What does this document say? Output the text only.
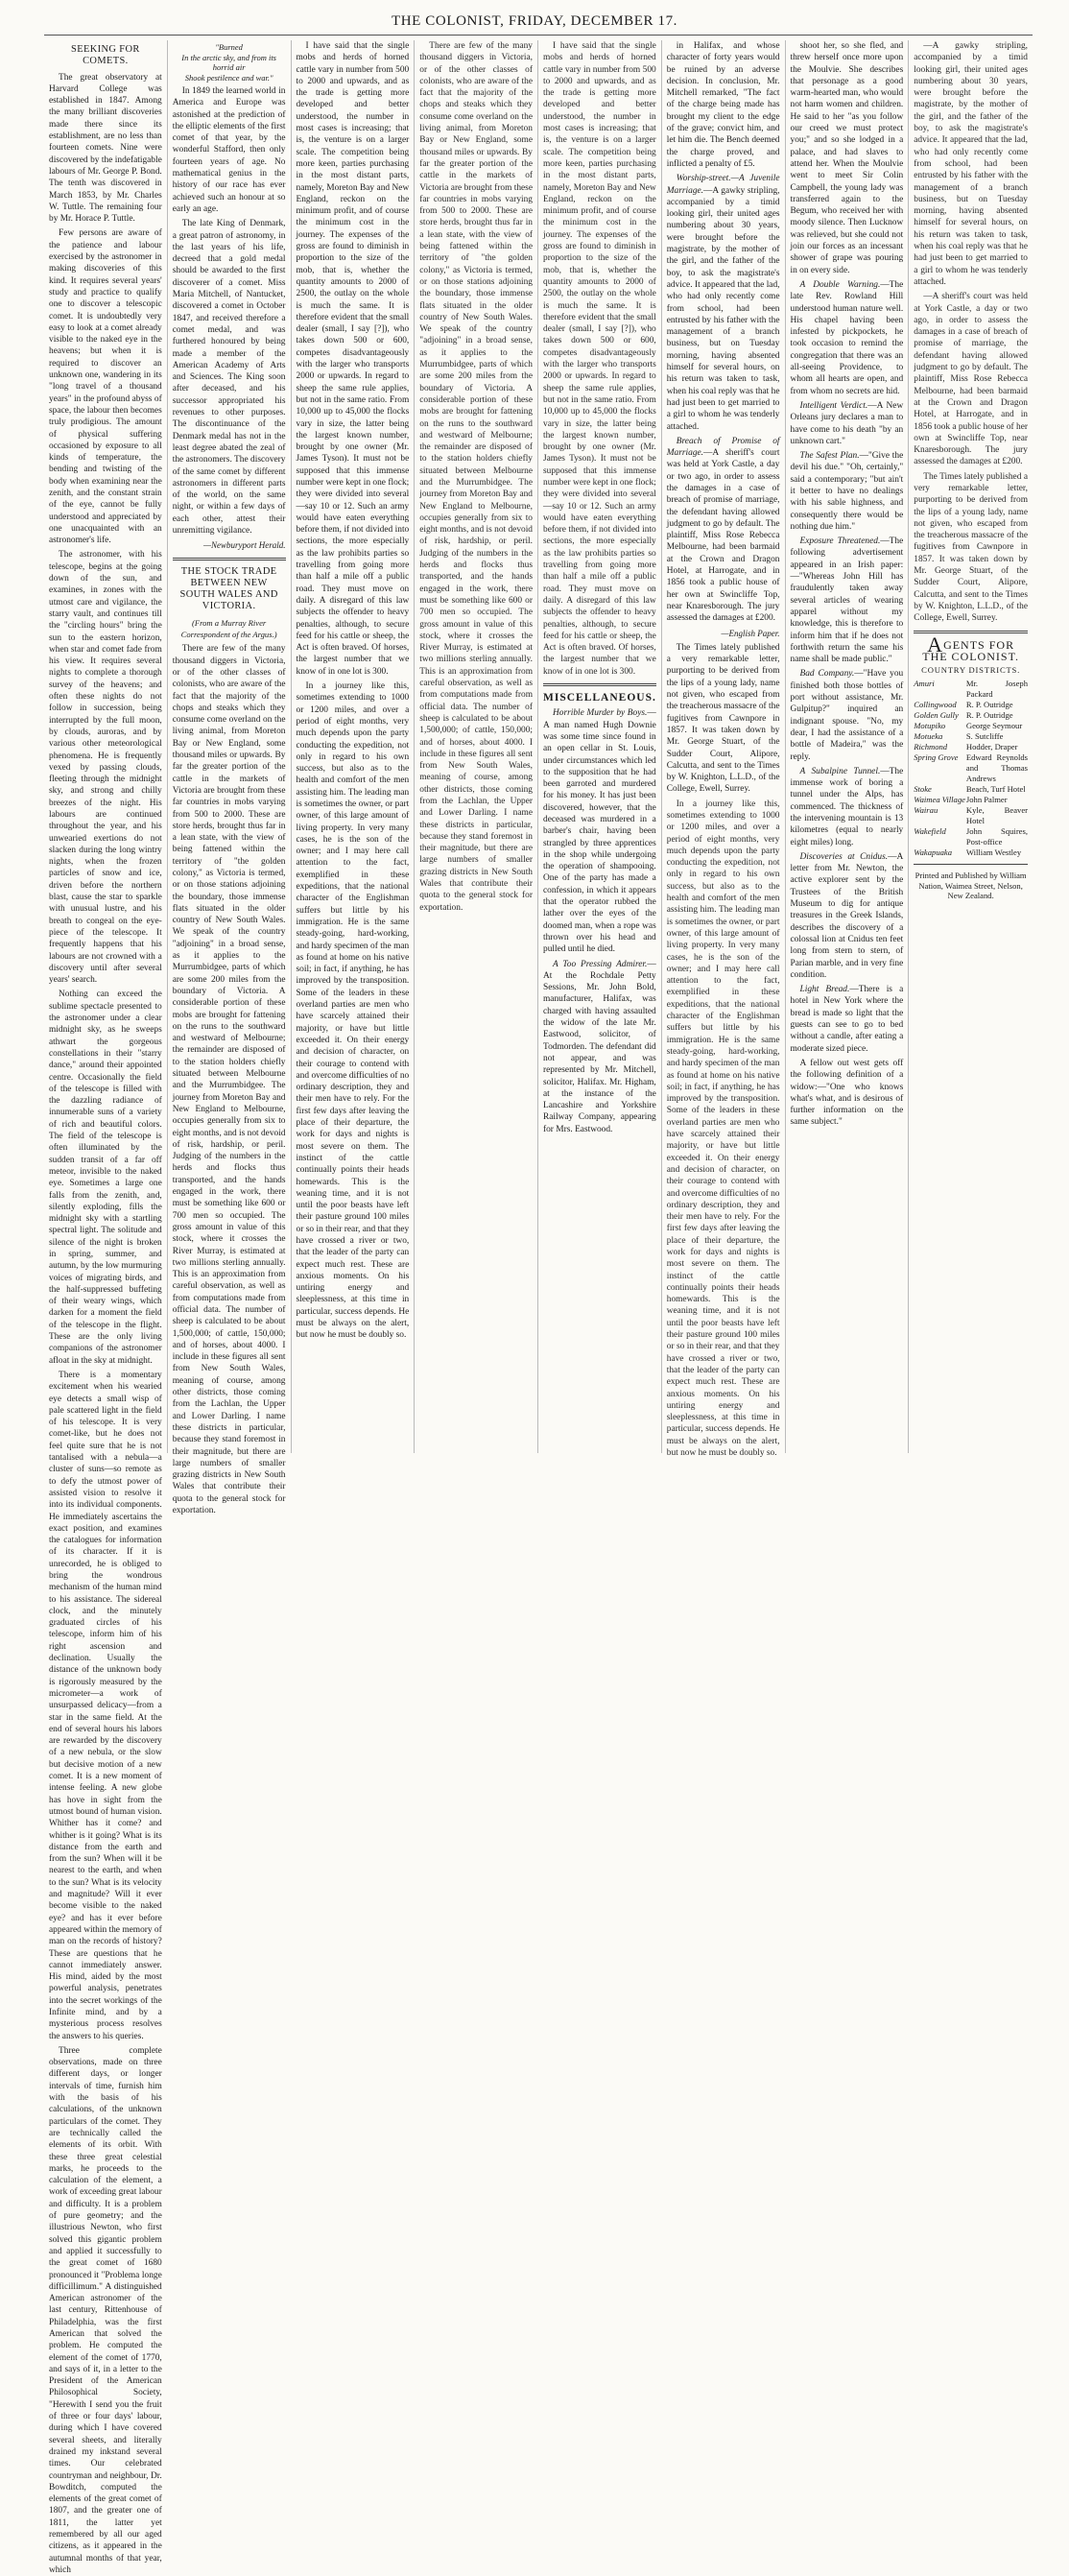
THE COLONIST, FRIDAY, DECEMBER 17.
SEEKING FOR COMETS.

The great observatory at Harvard College was established in 1847. Among the many brilliant discoveries made there since its establishment, are no less than fourteen comets. Nine were discovered by the indefatigable labours of Mr. George P. Bond. The tenth was discovered in March 1853, by Mr. Charles W. Tuttle. The remaining four by Mr. Horace P. Tuttle.

Few persons are aware of the patience and labour exercised by the astronomer in making discoveries of this kind. It requires several years' study and practice to qualify one to discover a telescopic comet. It is undoubtedly very easy to look at a comet already visible to the naked eye in the heavens; but when it is required to discover an unknown one, wandering in its "long travel of a thousand years" in the profound abyss of space, the labour then becomes truly prodigious. The amount of physical suffering occasioned by exposure to all kinds of temperature, the bending and twisting of the body when examining near the zenith, and the constant strain of the eye, cannot be fully understood and appreciated by one unacquainted with an astronomer's life.

The astronomer, with his telescope, begins at the going down of the sun, and examines, in zones with the utmost care and vigilance, the starry vault, and continues till the "circling hours" bring the sun to the eastern horizon, when star and comet fade from his view. It requires several nights to complete a thorough survey of the heavens; and often these nights do not follow in succession, being interrupted by the full moon, by clouds, auroras, and by various other meteorological phenomena. He is frequently vexed by passing clouds, fleeting through the midnight sky, and strong and chilly breezes of the night. His labours are continued throughout the year, and his unwearied exertions do not slacken during the long wintry nights, when the frozen particles of snow and ice, driven before the northern blast, cause the star to sparkle with unusual lustre, and his breath to congeal on the eye-piece of the telescope. It frequently happens that his labours are not crowned with a discovery until after several years' search.

Nothing can exceed the sublime spectacle presented to the astronomer under a clear midnight sky, as he sweeps athwart the gorgeous constellations in their "starry dance," around their appointed centre. Occasionally the field of the telescope is filled with the dazzling radiance of innumerable suns of a variety of rich and beautiful colors. The field of the telescope is often illuminated by the sudden transit of a far off meteor, invisible to the naked eye. Sometimes a large one falls from the zenith, and, silently exploding, fills the midnight sky with a startling spectral light. The solitude and silence of the night is broken in spring, summer, and autumn, by the low murmuring voices of migrating birds, and the half-suppressed buffeting of their weary wings, which darken for a moment the field of the telescope in the flight. These are the only living companions of the astronomer afloat in the sky at midnight.

There is a momentary excitement when his wearied eye detects a small wisp of pale scattered light in the field of his telescope. It is very comet-like, but he does not feel quite sure that he is not tantalised with a nebula—a cluster of suns—so remote as to defy the utmost power of assisted vision to resolve it into its individual components. He immediately ascertains the exact position, and examines the catalogues for information of its character. If it is unrecorded, he is obliged to bring the wondrous mechanism of the human mind to his assistance. The sidereal clock, and the minutely graduated circles of his telescope, inform him of his right ascension and declination. Usually the distance of the unknown body is rigorously measured by the micrometer—a work of unsurpassed delicacy—from a star in the same field. At the end of several hours his labors are rewarded by the discovery of a new nebula, or the slow but decisive motion of a new comet. It is a new moment of intense feeling. A new globe has hove in sight from the utmost bound of human vision. Whither has it come? and whither is it going? What is its distance from the earth and from the sun? When will it be nearest to the earth, and when to the sun? What is its velocity and magnitude? Will it ever become visible to the naked eye? and has it ever before appeared within the memory of man on the records of history? These are questions that he cannot immediately answer. His mind, aided by the most powerful analysis, penetrates into the secret workings of the Infinite mind, and by a mysterious process resolves the answers to his queries.

Three complete observations, made on three different days, or longer intervals of time, furnish him with the basis of his calculations, of the unknown particulars of the comet. They are technically called the elements of its orbit. With these three great celestial marks, he proceeds to the calculation of the element, a work of exceeding great labour and difficulty. It is a problem of pure geometry; and the illustrious Newton, who first solved this gigantic problem and applied it successfully to the great comet of 1680 pronounced it "Problema longe difficillimum." A distinguished American astronomer of the last century, Rittenhouse of Philadelphia, was the first American that solved the problem. He computed the element of the comet of 1770, and says of it, in a letter to the President of the American Philosophical Society, "Herewith I send you the fruit of three or four days' labour, during which I have covered several sheets, and literally drained my inkstand several times. Our celebrated countryman and neighbour, Dr. Bowditch, computed the elements of the great comet of 1807, and the greater one of 1811, the latter yet remembered by all our aged citizens, as it appeared in the autumnal months of that year, which

"Burned
In the arctic sky, and from its horrid air
Shook pestilence and war."

In 1849 the learned world in America and Europe was astonished at the prediction of the elliptic elements of the first comet of that year, by the wonderful Stafford, then only fourteen years of age. No mathematical genius in the history of our race has ever achieved such an honour at so early an age.

The late King of Denmark, a great patron of astronomy, in the last years of his life, decreed that a gold medal should be awarded to the first discoverer of a comet. Miss Maria Mitchell, of Nantucket, discovered a comet in October 1847, and received therefore a comet medal, and was furthered honoured by being made a member of the American Academy of Arts and Sciences. The King soon after deceased, and his successor appropriated his revenues to other purposes. The discontinuance of the Denmark medal has not in the least degree abated the zeal of the astronomers. The discovery of the same comet by different astronomers in different parts of the world, on the same night, or within a few days of each other, attest their unremitting vigilance.

—Newburyport Herald.
THE STOCK TRADE BETWEEN NEW SOUTH WALES AND VICTORIA.
(From a Murray River Correspondent of the Argus.)

There are few of the many thousand diggers in Victoria, or of the other classes of colonists, who are aware of the fact that the majority of the chops and steaks which they consume come overland on the living animal, from Moreton Bay or New England, some thousand miles or upwards. By far the greater portion of the cattle in the markets of Victoria are brought from these far countries in mobs varying from 500 to 2000. These are store herds, brought thus far in a lean state, with the view of being fattened within the territory of "the golden colony," as Victoria is termed, or on those stations adjoining the boundary, those immense flats situated in the older country of New South Wales. We speak of the country "adjoining" in a broad sense, as it applies to the Murrumbidgee, parts of which are some 200 miles from the boundary of Victoria. A considerable portion of these mobs are brought for fattening on the runs to the southward and westward of Melbourne; the remainder are disposed of to the station holders chiefly situated between Melbourne and the Murrumbidgee. The journey from Moreton Bay and New England to Melbourne, occupies generally from six to eight months, and is not devoid of risk, hardship, or peril. Judging of the numbers in the herds and flocks thus transported, and the hands engaged in the work, there must be something like 600 or 700 men so occupied. The gross amount in value of this stock, where it crosses the River Murray, is estimated at two millions sterling annually. This is an approximation from careful observation, as well as from computations made from official data. The number of sheep is calculated to be about 1,500,000; of cattle, 150,000; and of horses, about 4000. I include in these figures all sent from New South Wales, meaning of course, among other districts, those coming from the Lachlan, the Upper and Lower Darling. I name these districts in particular, because they stand foremost in their magnitude, but there are large numbers of smaller grazing districts in New South Wales that contribute their quota to the general stock for exportation.

I have said that the single mobs and herds of horned cattle vary in number from 500 to 2000 and upwards, and as the trade is getting more developed and better understood, the number in most cases is increasing; that is, the venture is on a larger scale. The competition being more keen, parties purchasing in the most distant parts, namely, Moreton Bay and New England, reckon on the minimum profit, and of course the minimum cost in the journey. The expenses of the gross are found to diminish in proportion to the size of the mob, that is, whether the quantity amounts to 2000 of 2500, the outlay on the whole is much the same. It is therefore evident that the small dealer (small, I say [?]), who takes down 500 or 600, competes disadvantageously with the larger who transports 2000 or upwards. In regard to sheep the same rule applies, but not in the same ratio. From 10,000 up to 45,000 the flocks vary in size, the latter being the largest known number, brought by one owner (Mr. James Tyson). It must not be supposed that this immense number were kept in one flock; they were divided into several—say 10 or 12. Such an army would have eaten everything before them, if not divided into sections, the more especially as the law prohibits parties so travelling from going more than half a mile off a public road. They must move on daily. A disregard of this law subjects the offender to heavy penalties, although, to secure feed for his cattle or sheep, the Act is often braved. Of horses, the largest number that we know of in one lot is 300.

In a journey like this, sometimes extending to 1000 or 1200 miles, and over a period of eight months, very much depends upon the party conducting the expedition, not only in regard to his own success, but also as to the health and comfort of the men assisting him. The leading man is sometimes the owner, or part owner, of this large amount of living property. In very many cases, he is the son of the owner; and I may here call attention to the fact, exemplified in these expeditions, that the national character of the Englishman suffers but little by his immigration. He is the same steady-going, hard-working, and hardy specimen of the man as found at home on his native soil; in fact, if anything, he has improved by the transposition. Some of the leaders in these overland parties are men who have scarcely attained their majority, or have but little exceeded it. On their energy and decision of character, on their courage to contend with and overcome difficulties of no ordinary description, they and their men have to rely. For the first few days after leaving the place of their departure, the work for days and nights is most severe on them. The instinct of the cattle continually points their heads homewards. This is the weaning time, and it is not until the poor beasts have left their pasture ground 100 miles or so in their rear, and that they have crossed a river or two, that the leader of the party can expect much rest. These are anxious moments. On his untiring energy and sleeplessness, at this time in particular, success depends. He must be always on the alert, but now he must be doubly so.

There are few of the many thousand diggers in Victoria, or of the other classes of colonists, who are aware of the fact that the majority of the chops and steaks which they consume come overland on the living animal, from Moreton Bay or New England, some thousand miles or upwards. By far the greater portion of the cattle in the markets of Victoria are brought from these far countries in mobs varying from 500 to 2000. These are store herds, brought thus far in a lean state, with the view of being fattened within the territory of "the golden colony," as Victoria is termed, or on those stations adjoining the boundary, those immense flats situated in the older country of New South Wales. We speak of the country "adjoining" in a broad sense, as it applies to the Murrumbidgee, parts of which are some 200 miles from the boundary of Victoria. A considerable portion of these mobs are brought for fattening on the runs to the southward and westward of Melbourne; the remainder are disposed of to the station holders chiefly situated between Melbourne and the Murrumbidgee. The journey from Moreton Bay and New England to Melbourne, occupies generally from six to eight months, and is not devoid of risk, hardship, or peril. Judging of the numbers in the herds and flocks thus transported, and the hands engaged in the work, there must be something like 600 or 700 men so occupied. The gross amount in value of this stock, where it crosses the River Murray, is estimated at two millions sterling annually. This is an approximation from careful observation, as well as from computations made from official data. The number of sheep is calculated to be about 1,500,000; of cattle, 150,000; and of horses, about 4000. I include in these figures all sent from New South Wales, meaning of course, among other districts, those coming from the Lachlan, the Upper and Lower Darling. I name these districts in particular, because they stand foremost in their magnitude, but there are large numbers of smaller grazing districts in New South Wales that contribute their quota to the general stock for exportation.

I have said that the single mobs and herds of horned cattle vary in number from 500 to 2000 and upwards, and as the trade is getting more developed and better understood, the number in most cases is increasing; that is, the venture is on a larger scale. The competition being more keen, parties purchasing in the most distant parts, namely, Moreton Bay and New England, reckon on the minimum profit, and of course the minimum cost in the journey. The expenses of the gross are found to diminish in proportion to the size of the mob, that is, whether the quantity amounts to 2000 of 2500, the outlay on the whole is much the same. It is therefore evident that the small dealer (small, I say [?]), who takes down 500 or 600, competes disadvantageously with the larger who transports 2000 or upwards. In regard to sheep the same rule applies, but not in the same ratio. From 10,000 up to 45,000 the flocks vary in size, the latter being the largest known number, brought by one owner (Mr. James Tyson). It must not be supposed that this immense number were kept in one flock; they were divided into several—say 10 or 12. Such an army would have eaten everything before them, if not divided into sections, the more especially as the law prohibits parties so travelling from going more than half a mile off a public road. They must move on daily. A disregard of this law subjects the offender to heavy penalties, although, to secure feed for his cattle or sheep, the Act is often braved. Of horses, the largest number that we know of in one lot is 300.

MISCELLANEOUS.

Horrible Murder by Boys.—A man named Hugh Downie was some time since found in an open cellar in St. Louis, under circumstances which led to the supposition that he had been garroted and murdered for his money. It has just been discovered, however, that the deceased was murdered in a barber's chair, having been strangled by three apprentices in the shop while undergoing the operation of shampooing. One of the party has made a confession, in which it appears that the operator rubbed the lather over the eyes of the doomed man, when a rope was thrown over his head and pulled until he died.

A Too Pressing Admirer.—At the Rochdale Petty Sessions, Mr. John Bold, manufacturer, Halifax, was charged with having assaulted the widow of the late Mr. Eastwood, solicitor, of Todmorden. The defendant did not appear, and was represented by Mr. Mitchell, solicitor, Halifax. Mr. Higham, at the instance of the Lancashire and Yorkshire Railway Company, appearing for Mrs. Eastwood.

in Halifax, and whose character of forty years would be ruined by an adverse decision. In conclusion, Mr. Mitchell remarked, "The fact of the charge being made has brought my client to the edge of the grave; convict him, and let him die. The Bench deemed the charge proved, and inflicted a penalty of £5.

Worship-street.—A Juvenile Marriage.—A gawky stripling, accompanied by a timid looking girl, their united ages numbering about 30 years, were brought before the magistrate, by the mother of the girl, and the father of the boy, to ask the magistrate's advice. It appeared that the lad, who had only recently come from school, had been entrusted by his father with the management of a branch business, but on Tuesday morning, having absented himself for several hours, on his return was taken to task, when his coal reply was that he had just been to get married to a girl to whom he was tenderly attached.

Breach of Promise of Marriage.—A sheriff's court was held at York Castle, a day or two ago, in order to assess the damages in a case of breach of promise of marriage, the defendant having allowed judgment to go by default. The plaintiff, Miss Rose Rebecca Melbourne, had been barmaid at the Crown and Dragon Hotel, at Harrogate, and in 1856 took a public house of her own at Swincliffe Top, near Knaresborough. The jury assessed the damages at £200.

—English Paper.

The Times lately published a very remarkable letter, purporting to be derived from the lips of a young lady, name not given, who escaped from the treacherous massacre of the fugitives from Cawnpore in 1857. It was taken down by Mr. George Stuart, of the Sudder Court, Alipore, Calcutta, and sent to the Times by W. Knighton, L.L.D., of the College, Ewell, Surrey.

In a journey like this, sometimes extending to 1000 or 1200 miles, and over a period of eight months, very much depends upon the party conducting the expedition, not only in regard to his own success, but also as to the health and comfort of the men assisting him. The leading man is sometimes the owner, or part owner, of this large amount of living property. In very many cases, he is the son of the owner; and I may here call attention to the fact, exemplified in these expeditions, that the national character of the Englishman suffers but little by his immigration. He is the same steady-going, hard-working, and hardy specimen of the man as found at home on his native soil; in fact, if anything, he has improved by the transposition. Some of the leaders in these overland parties are men who have scarcely attained their majority, or have but little exceeded it. On their energy and decision of character, on their courage to contend with and overcome difficulties of no ordinary description, they and their men have to rely. For the first few days after leaving the place of their departure, the work for days and nights is most severe on them. The instinct of the cattle continually points their heads homewards. This is the weaning time, and it is not until the poor beasts have left their pasture ground 100 miles or so in their rear, and that they have crossed a river or two, that the leader of the party can expect much rest. These are anxious moments. On his untiring energy and sleeplessness, at this time in particular, success depends. He must be always on the alert, but now he must be doubly so.

shoot her, so she fled, and threw herself once more upon the Moulvie. She describes that personage as a good warm-hearted man, who would not harm women and children. He said to her "as you follow our creed we must protect you;" and so she lodged in a palace, and had slaves to attend her. When the Moulvie went to meet Sir Colin Campbell, the young lady was transferred again to the Begum, who received her with moody silence. Then Lucknow was relieved, but she could not join our forces as an incessant shower of grape was pouring in on every side.

A Double Warning.—The late Rev. Rowland Hill understood human nature well. His chapel having been infested by pickpockets, he took occasion to remind the congregation that there was an all-seeing Providence, to whom all hearts are open, and from whom no secrets are hid.

Intelligent Verdict.—A New Orleans jury declares a man to have come to his death "by an unknown cart."

The Safest Plan.—"Give the devil his due." "Oh, certainly," said a contemporary; "but ain't it better to have no dealings with his sable highness, and consequently there would be nothing due him."

Exposure Threatened.—The following advertisement appeared in an Irish paper:—"Whereas John Hill has fraudulently taken away several articles of wearing apparel without my knowledge, this is therefore to inform him that if he does not forthwith return the same his name shall be made public."

Bad Company.—"Have you finished both those bottles of port without assistance, Mr. Gulpitup?" inquired an indignant spouse. "No, my dear, I had the assistance of a bottle of Madeira," was the reply.

A Subalpine Tunnel.—The immense work of boring a tunnel under the Alps, has commenced. The thickness of the intervening mountain is 13 kilometres (equal to nearly eight miles) long.

Discoveries at Cnidus.—A letter from Mr. Newton, the active explorer sent by the Trustees of the British Museum to dig for antique treasures in the Greek Islands, describes the discovery of a colossal lion at Cnidus ten feet long from stern to stern, of Parian marble, and in very fine condition.

Light Bread.—There is a hotel in New York where the bread is made so light that the guests can see to go to bed without a candle, after eating a moderate sized piece.

A fellow out west gets off the following definition of a widow:—"One who knows what's what, and is desirous of further information on the same subject."

—A gawky stripling, accompanied by a timid looking girl, their united ages numbering about 30 years, were brought before the magistrate, by the mother of the girl, and the father of the boy, to ask the magistrate's advice. It appeared that the lad, who had only recently come from school, had been entrusted by his father with the management of a branch business, but on Tuesday morning, having absented himself for several hours, on his return was taken to task, when his coal reply was that he had just been to get married to a girl to whom he was tenderly attached.

—A sheriff's court was held at York Castle, a day or two ago, in order to assess the damages in a case of breach of promise of marriage, the defendant having allowed judgment to go by default. The plaintiff, Miss Rose Rebecca Melbourne, had been barmaid at the Crown and Dragon Hotel, at Harrogate, and in 1856 took a public house of her own at Swincliffe Top, near Knaresborough. The jury assessed the damages at £200.

The Times lately published a very remarkable letter, purporting to be derived from the lips of a young lady, name not given, who escaped from the treacherous massacre of the fugitives from Cawnpore in 1857. It was taken down by Mr. George Stuart, of the Sudder Court, Alipore, Calcutta, and sent to the Times by W. Knighton, L.L.D., of the College, Ewell, Surrey.

AGENTS FOR THE COLONIST.
COUNTRY DISTRICTS.
Amuri	Mr. Joseph Packard
Collingwood	R. P. Outridge
Golden Gully	R. P. Outridge
Motupiko	George Seymour
Motueka	S. Sutcliffe
Richmond	Hodder, Draper
Spring Grove	Edward Reynolds and Thomas Andrews
Stoke	Beach, Turf Hotel
Waimea Village	John Palmer
Wairau	Kyle, Beaver Hotel
Wakefield	John Squires, Post-office
Wakapuaka	William Westley
Printed and Published by William Nation, Waimea Street, Nelson, New Zealand.
